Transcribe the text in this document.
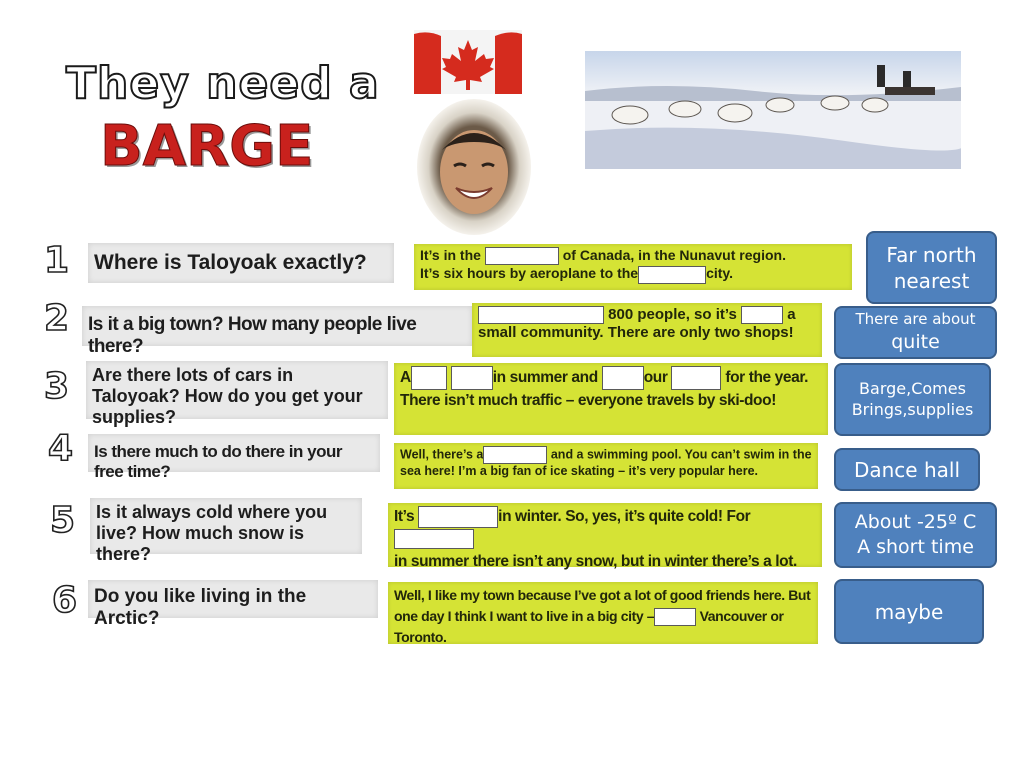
They need a
BARGE
1
2
3
4
5
6
Where is Taloyoak exactly?
Is it a big town? How many people live there?
Are there lots of cars in Taloyoak? How do you get your supplies?
Is there much to do there in your free time?
Is it always cold where you live? How much snow is there?
Do you like living in the Arctic?
It’s in the	of Canada, in the Nunavut region.
It’s six hours by aeroplane to the	city.
800 people, so it’s	a
small community. There are only two shops!
A	in summer and	our	for the year. There isn’t much traffic – everyone travels by ski-doo!
Well, there’s a	and a swimming pool. You can’t swim in the sea here! I’m a big fan of ice skating – it’s very popular here.
It’s	in winter. So, yes, it’s quite cold! For
in summer there isn’t any snow, but in winter there’s a lot.
Well, I like my town because I’ve got a lot of good friends here. But one day I think I want to live in a big city –	Vancouver or Toronto.
Far north
nearest
There are about
quite
Barge,Comes
Brings,supplies
Dance hall
About -25º C
A short time
maybe
